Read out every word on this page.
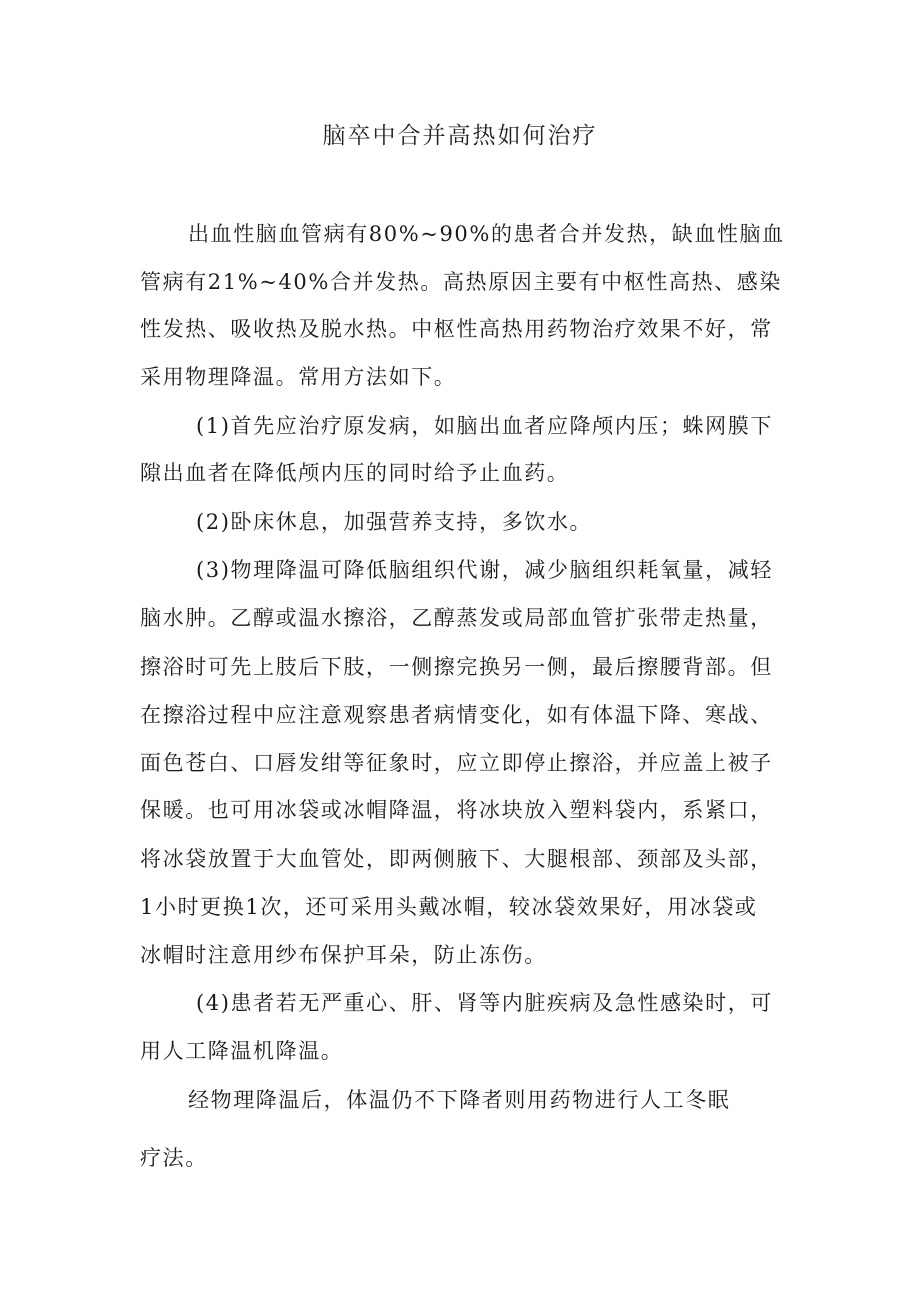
脑卒中合并高热如何治疗
出血性脑血管病有80%~90%的患者合并发热，缺血性脑血
管病有21%~40%合并发热。高热原因主要有中枢性高热、感染
性发热、吸收热及脱水热。中枢性高热用药物治疗效果不好，常
采用物理降温。常用方法如下。
(1)首先应治疗原发病，如脑出血者应降颅内压；蛛网膜下
隙出血者在降低颅内压的同时给予止血药。
(2)卧床休息，加强营养支持，多饮水。
(3)物理降温可降低脑组织代谢，减少脑组织耗氧量，减轻
脑水肿。乙醇或温水擦浴，乙醇蒸发或局部血管扩张带走热量，
擦浴时可先上肢后下肢，一侧擦完换另一侧，最后擦腰背部。但
在擦浴过程中应注意观察患者病情变化，如有体温下降、寒战、
面色苍白、口唇发绀等征象时，应立即停止擦浴，并应盖上被子
保暖。也可用冰袋或冰帽降温，将冰块放入塑料袋内，系紧口，
将冰袋放置于大血管处，即两侧腋下、大腿根部、颈部及头部，
1小时更换1次，还可采用头戴冰帽，较冰袋效果好，用冰袋或
冰帽时注意用纱布保护耳朵，防止冻伤。
(4)患者若无严重心、肝、肾等内脏疾病及急性感染时，可
用人工降温机降温。
经物理降温后，体温仍不下降者则用药物进行人工冬眠
疗法。
